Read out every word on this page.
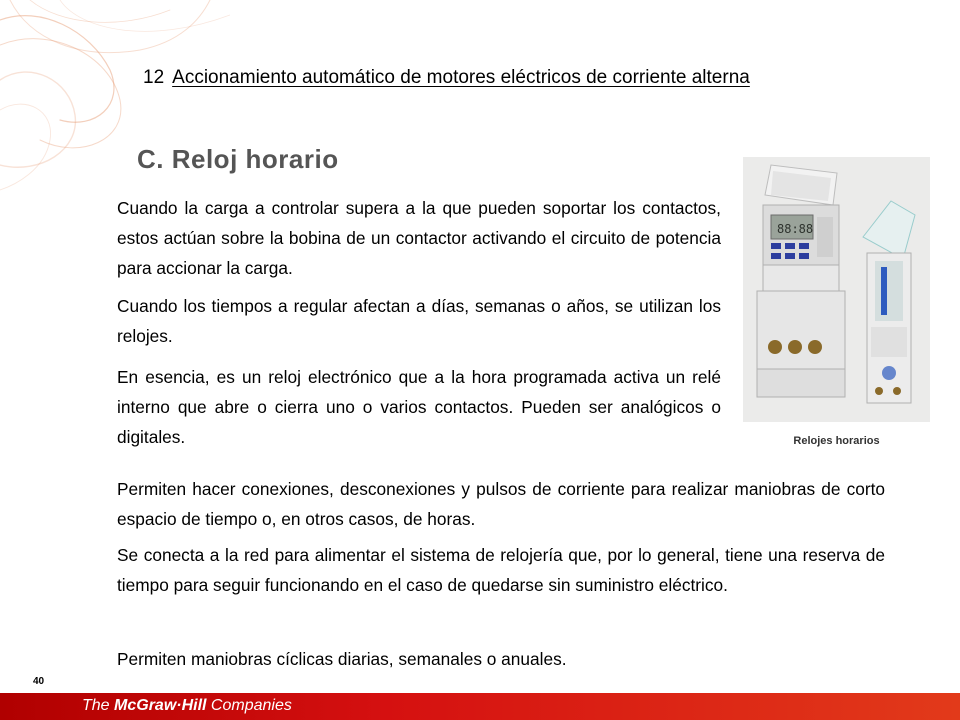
12 Accionamiento automático de motores eléctricos de corriente alterna
C. Reloj horario

Cuando la carga a controlar supera a la que pueden soportar los contactos, estos actúan sobre la bobina de un contactor activando el circuito de potencia para accionar la carga.

Cuando los tiempos a regular afectan a días, semanas o años, se utilizan los relojes.

En esencia, es un reloj electrónico que a la hora programada activa un relé interno que abre o cierra uno o varios contactos. Pueden ser analógicos o digitales.

Permiten hacer conexiones, desconexiones y pulsos de corriente para realizar maniobras de corto espacio de tiempo o, en otros casos, de horas.

Se conecta a la red para alimentar el sistema de relojería que, por lo general, tiene una reserva de tiempo para seguir funcionando en el caso de quedarse sin suministro eléctrico.

Permiten maniobras cíclicas diarias, semanales o anuales.

88:88
Relojes horarios
40
The McGraw·Hill Companies
